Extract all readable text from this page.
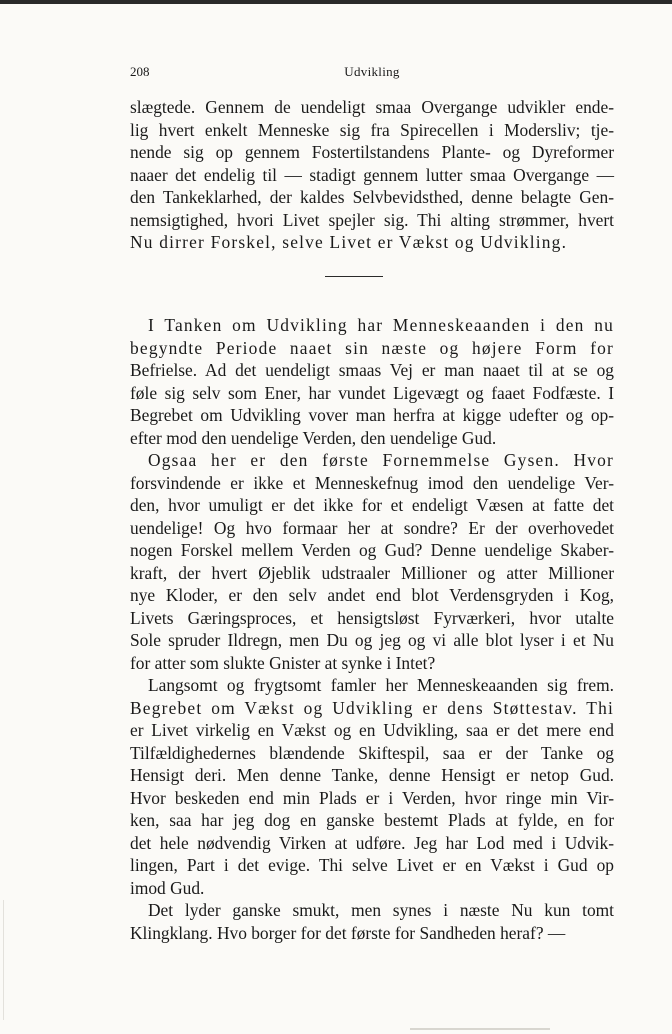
208	Udvikling
slægtede. Gennem de uendeligt smaa Overgange udvikler ende-
lig hvert enkelt Menneske sig fra Spirecellen i Modersliv; tje-
nende sig op gennem Fostertilstandens Plante- og Dyreformer
naaer det endelig til — stadigt gennem lutter smaa Overgange —
den Tankeklarhed, der kaldes Selvbevidsthed, denne belagte Gen-
nemsigtighed, hvori Livet spejler sig. Thi alting strømmer, hvert
Nu dirrer Forskel, selve Livet er Vækst og Udvikling.
I Tanken om Udvikling har Menneskeaanden i den nu
begyndte Periode naaet sin næste og højere Form for
Befrielse. Ad det uendeligt smaas Vej er man naaet til at se og
føle sig selv som Ener, har vundet Ligevægt og faaet Fodfæste. I
Begrebet om Udvikling vover man herfra at kigge udefter og op-
efter mod den uendelige Verden, den uendelige Gud.
Ogsaa her er den første Fornemmelse Gysen. Hvor
forsvindende er ikke et Menneskefnug imod den uendelige Ver-
den, hvor umuligt er det ikke for et endeligt Væsen at fatte det
uendelige! Og hvo formaar her at sondre? Er der overhovedet
nogen Forskel mellem Verden og Gud? Denne uendelige Skaber-
kraft, der hvert Øjeblik udstraaler Millioner og atter Millioner
nye Kloder, er den selv andet end blot Verdensgryden i Kog,
Livets Gæringsproces, et hensigtsløst Fyrværkeri, hvor utalte
Sole spruder Ildregn, men Du og jeg og vi alle blot lyser i et Nu
for atter som slukte Gnister at synke i Intet?
Langsomt og frygtsomt famler her Menneskeaanden sig frem.
Begrebet om Vækst og Udvikling er dens Støttestav. Thi
er Livet virkelig en Vækst og en Udvikling, saa er det mere end
Tilfældighedernes blændende Skiftespil, saa er der Tanke og
Hensigt deri. Men denne Tanke, denne Hensigt er netop Gud.
Hvor beskeden end min Plads er i Verden, hvor ringe min Vir-
ken, saa har jeg dog en ganske bestemt Plads at fylde, en for
det hele nødvendig Virken at udføre. Jeg har Lod med i Udvik-
lingen, Part i det evige. Thi selve Livet er en Vækst i Gud op
imod Gud.
Det lyder ganske smukt, men synes i næste Nu kun tomt
Klingklang. Hvo borger for det første for Sandheden heraf? —
